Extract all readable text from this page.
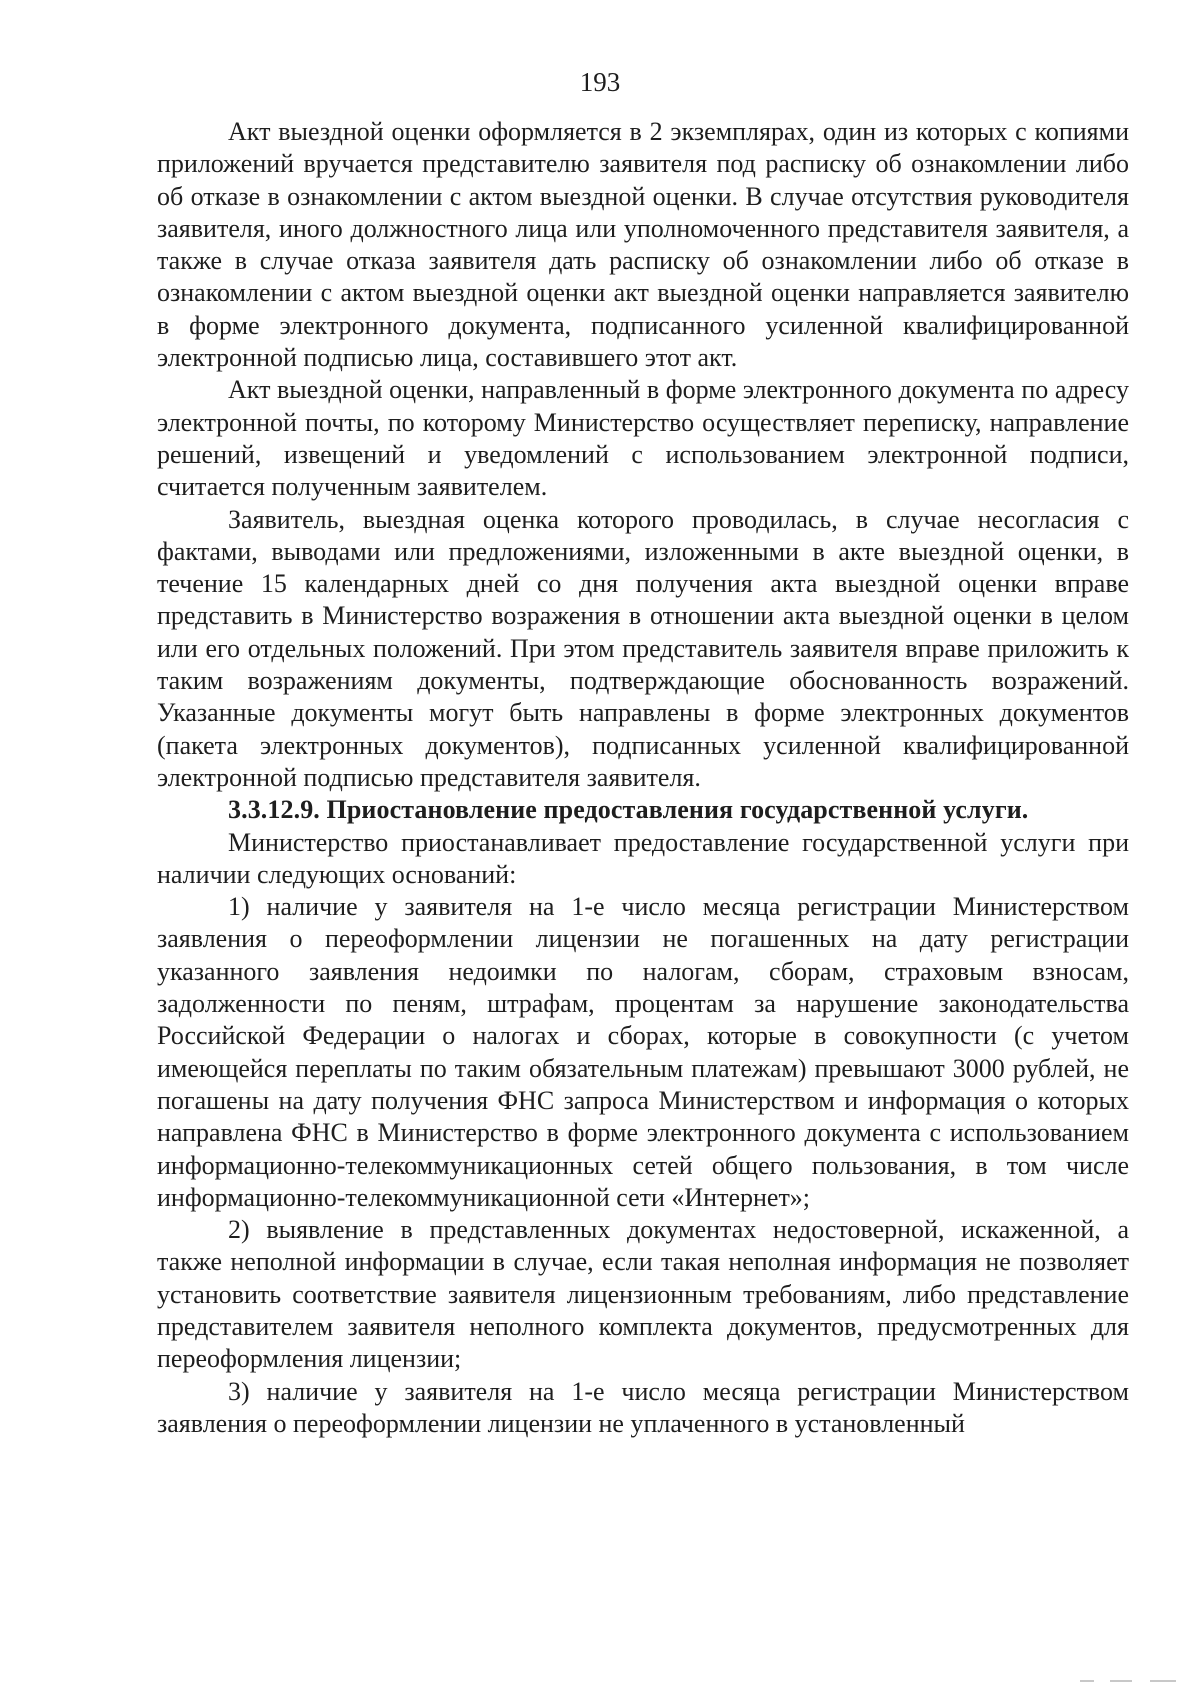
193

Акт выездной оценки оформляется в 2 экземплярах, один из которых с копиями приложений вручается представителю заявителя под расписку об ознакомлении либо об отказе в ознакомлении с актом выездной оценки. В случае отсутствия руководителя заявителя, иного должностного лица или уполномоченного представителя заявителя, а также в случае отказа заявителя дать расписку об ознакомлении либо об отказе в ознакомлении с актом выездной оценки акт выездной оценки направляется заявителю в форме электронного документа, подписанного усиленной квалифицированной электронной подписью лица, составившего этот акт.

Акт выездной оценки, направленный в форме электронного документа по адресу электронной почты, по которому Министерство осуществляет переписку, направление решений, извещений и уведомлений с использованием электронной подписи, считается полученным заявителем.

Заявитель, выездная оценка которого проводилась, в случае несогласия с фактами, выводами или предложениями, изложенными в акте выездной оценки, в течение 15 календарных дней со дня получения акта выездной оценки вправе представить в Министерство возражения в отношении акта выездной оценки в целом или его отдельных положений. При этом представитель заявителя вправе приложить к таким возражениям документы, подтверждающие обоснованность возражений. Указанные документы могут быть направлены в форме электронных документов (пакета электронных документов), подписанных усиленной квалифицированной электронной подписью представителя заявителя.

3.3.12.9. Приостановление предоставления государственной услуги.

Министерство приостанавливает предоставление государственной услуги при наличии следующих оснований:

1) наличие у заявителя на 1-е число месяца регистрации Министерством заявления о переоформлении лицензии не погашенных на дату регистрации указанного заявления недоимки по налогам, сборам, страховым взносам, задолженности по пеням, штрафам, процентам за нарушение законодательства Российской Федерации о налогах и сборах, которые в совокупности (с учетом имеющейся переплаты по таким обязательным платежам) превышают 3000 рублей, не погашены на дату получения ФНС запроса Министерством и информация о которых направлена ФНС в Министерство в форме электронного документа с использованием информационно-телекоммуникационных сетей общего пользования, в том числе информационно-телекоммуникационной сети «Интернет»;

2) выявление в представленных документах недостоверной, искаженной, а также неполной информации в случае, если такая неполная информация не позволяет установить соответствие заявителя лицензионным требованиям, либо представление представителем заявителя неполного комплекта документов, предусмотренных для переоформления лицензии;

3) наличие у заявителя на 1-е число месяца регистрации Министерством заявления о переоформлении лицензии не уплаченного в установленный
